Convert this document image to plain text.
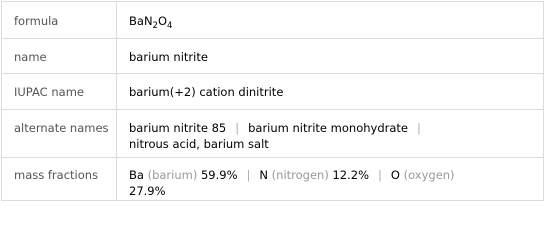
formula	$BaN_2O_4$
name	barium nitrite
IUPAC name	barium(+2) cation dinitrite
alternate names	barium nitrite 85 | barium nitrite monohydrate |
nitrous acid, barium salt
mass fractions	Ba (barium) 59.9% | N (nitrogen) 12.2% | O (oxygen)
27.9%
